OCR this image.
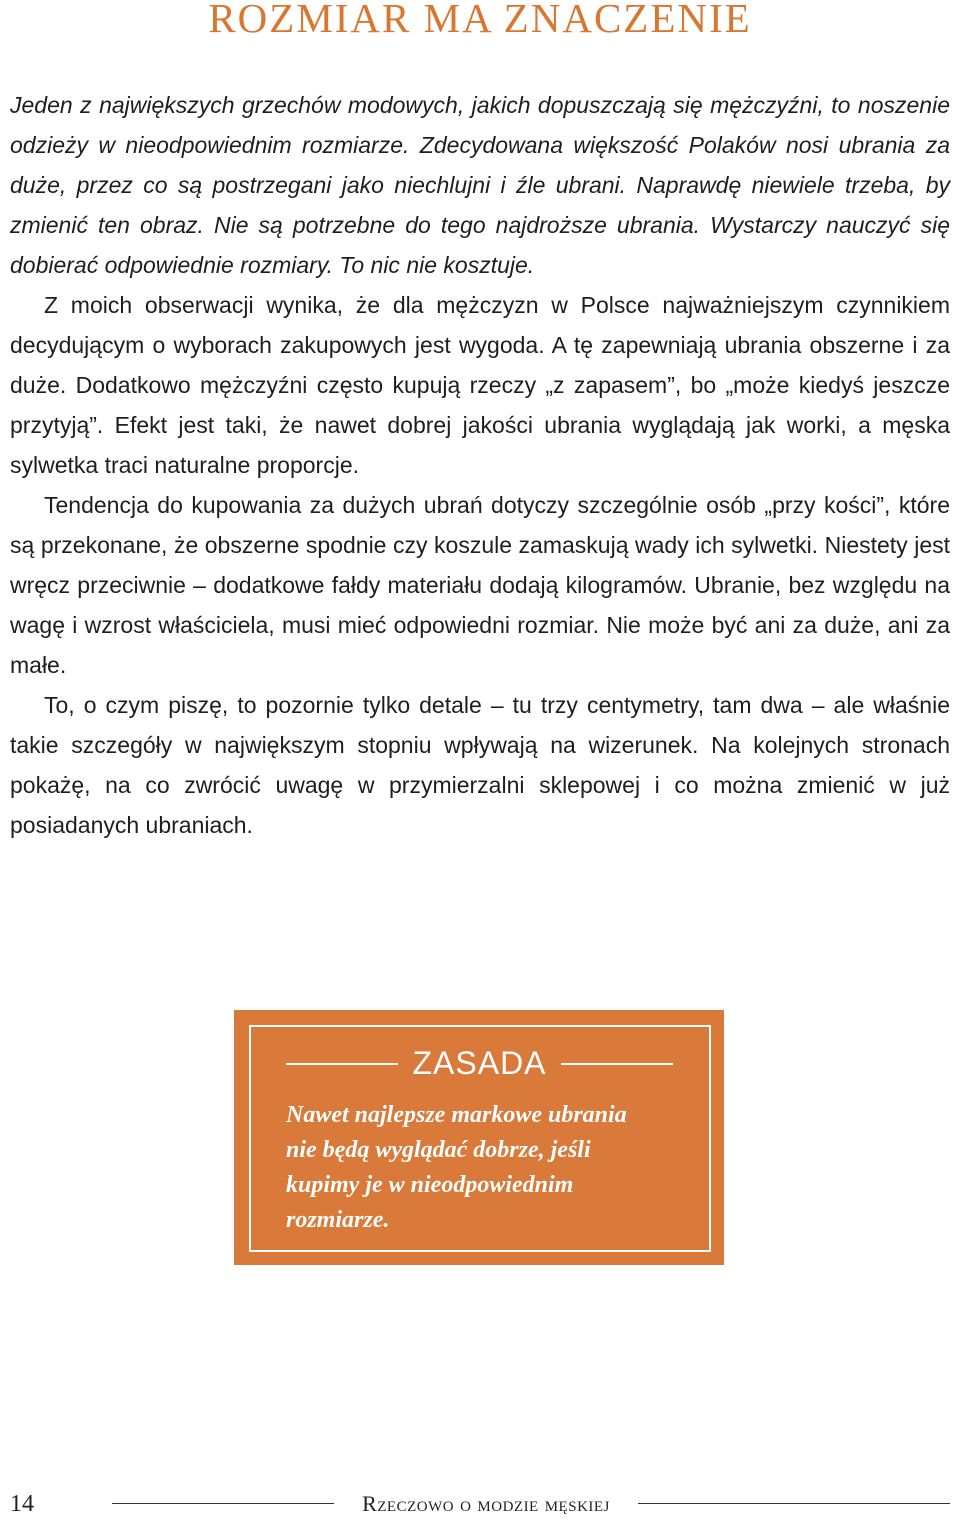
ROZMIAR MA ZNACZENIE

Jeden z największych grzechów modowych, jakich dopuszczają się mężczyźni, to noszenie odzieży w nieodpowiednim rozmiarze. Zdecydowana większość Polaków nosi ubrania za duże, przez co są postrzegani jako niechlujni i źle ubrani. Naprawdę niewiele trzeba, by zmienić ten obraz. Nie są potrzebne do tego najdroższe ubrania. Wystarczy nauczyć się dobierać odpowiednie rozmiary. To nic nie kosztuje.

Z moich obserwacji wynika, że dla mężczyzn w Polsce najważniejszym czynnikiem decydującym o wyborach zakupowych jest wygoda. A tę zapewniają ubrania obszerne i za duże. Dodatkowo mężczyźni często kupują rzeczy „z zapasem”, bo „może kiedyś jeszcze przytyją”. Efekt jest taki, że nawet dobrej jakości ubrania wyglądają jak worki, a męska sylwetka traci naturalne proporcje.

Tendencja do kupowania za dużych ubrań dotyczy szczególnie osób „przy kości”, które są przekonane, że obszerne spodnie czy koszule zamaskują wady ich sylwetki. Niestety jest wręcz przeciwnie – dodatkowe fałdy materiału dodają kilogramów. Ubranie, bez względu na wagę i wzrost właściciela, musi mieć odpowiedni rozmiar. Nie może być ani za duże, ani za małe.

To, o czym piszę, to pozornie tylko detale – tu trzy centymetry, tam dwa – ale właśnie takie szczegóły w największym stopniu wpływają na wizerunek. Na kolejnych stronach pokażę, na co zwrócić uwagę w przymierzalni sklepowej i co można zmienić w już posiadanych ubraniach.

ZASADA

Nawet najlepsze markowe ubrania nie będą wyglądać dobrze, jeśli kupimy je w nieodpowiednim rozmiarze.

14	Rzeczowo o modzie męskiej
